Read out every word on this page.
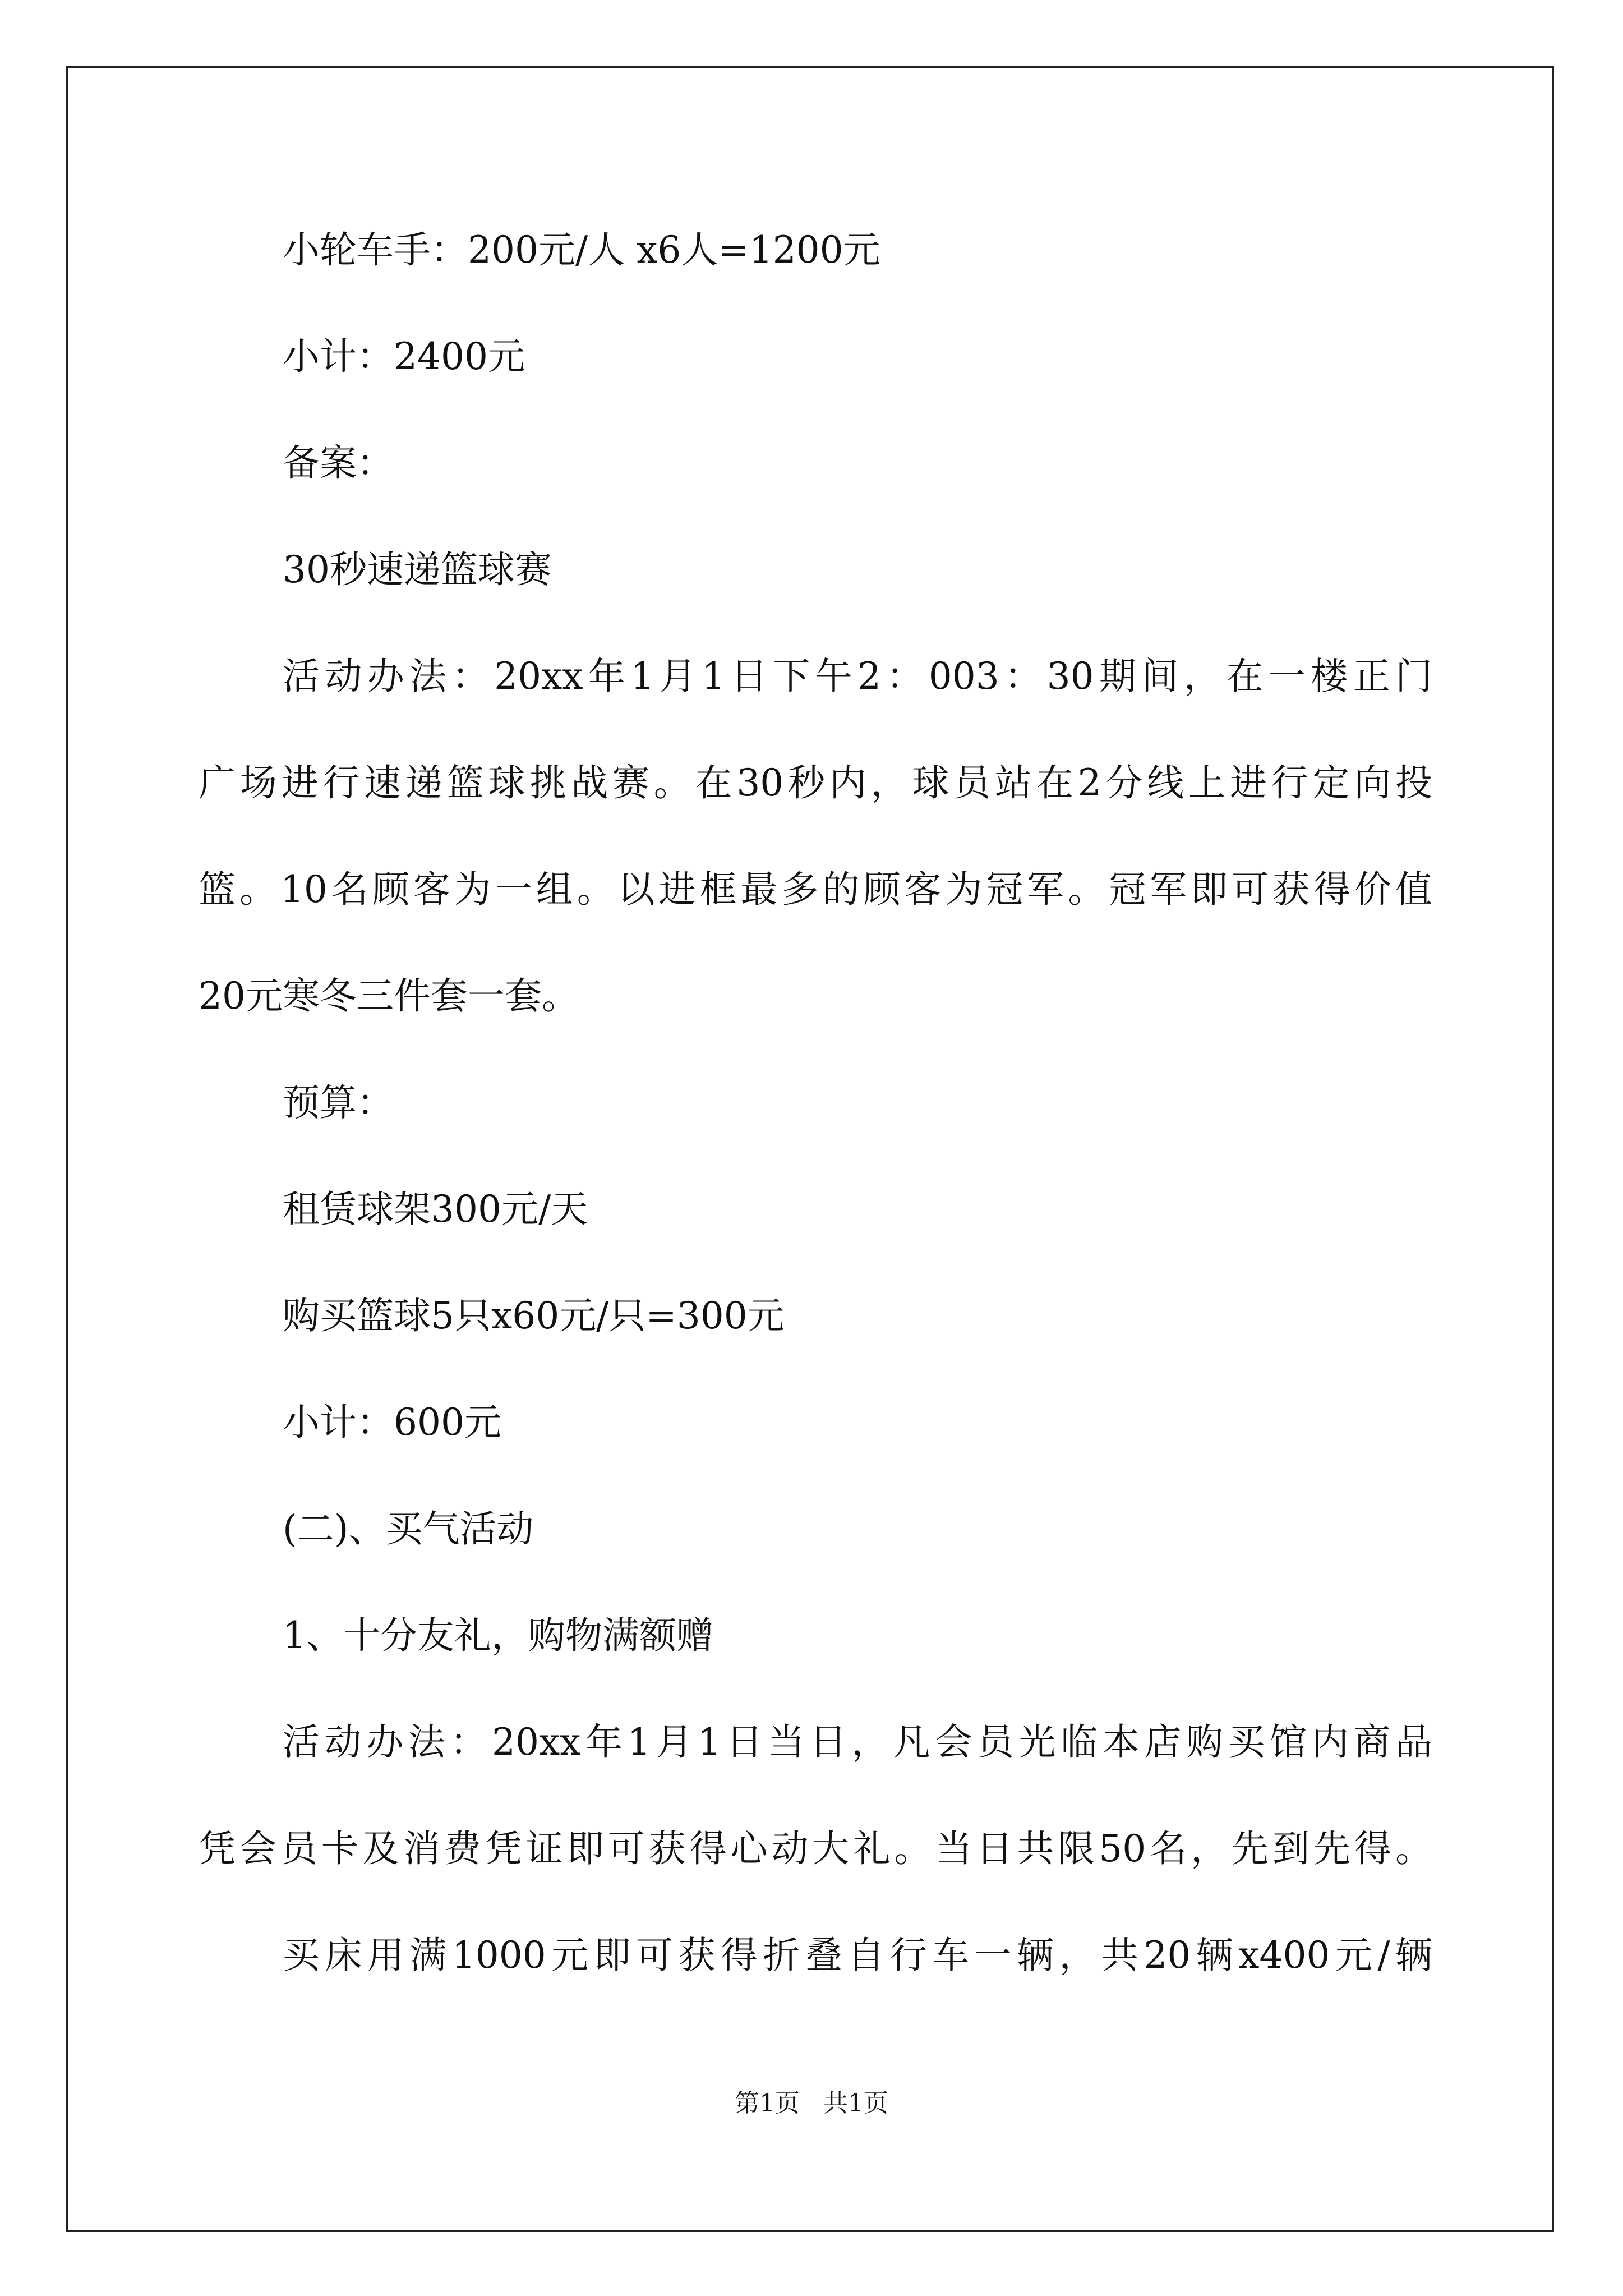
小轮车手：200元/人 x6人=1200元
小计：2400元
备案：
30秒速递篮球赛
活动办法：20xx年1月1日下午2：003：30期间，在一楼正门
广场进行速递篮球挑战赛。在30秒内，球员站在2分线上进行定向投
篮。10名顾客为一组。以进框最多的顾客为冠军。冠军即可获得价值
20元寒冬三件套一套。
预算：
租赁球架300元/天
购买篮球5只x60元/只=300元
小计：600元
(二)、买气活动
1、十分友礼，购物满额赠
活动办法：20xx年1月1日当日，凡会员光临本店购买馆内商品
凭会员卡及消费凭证即可获得心动大礼。当日共限50名，先到先得。
买床用满1000元即可获得折叠自行车一辆，共20辆x400元/辆
第1页 共1页
